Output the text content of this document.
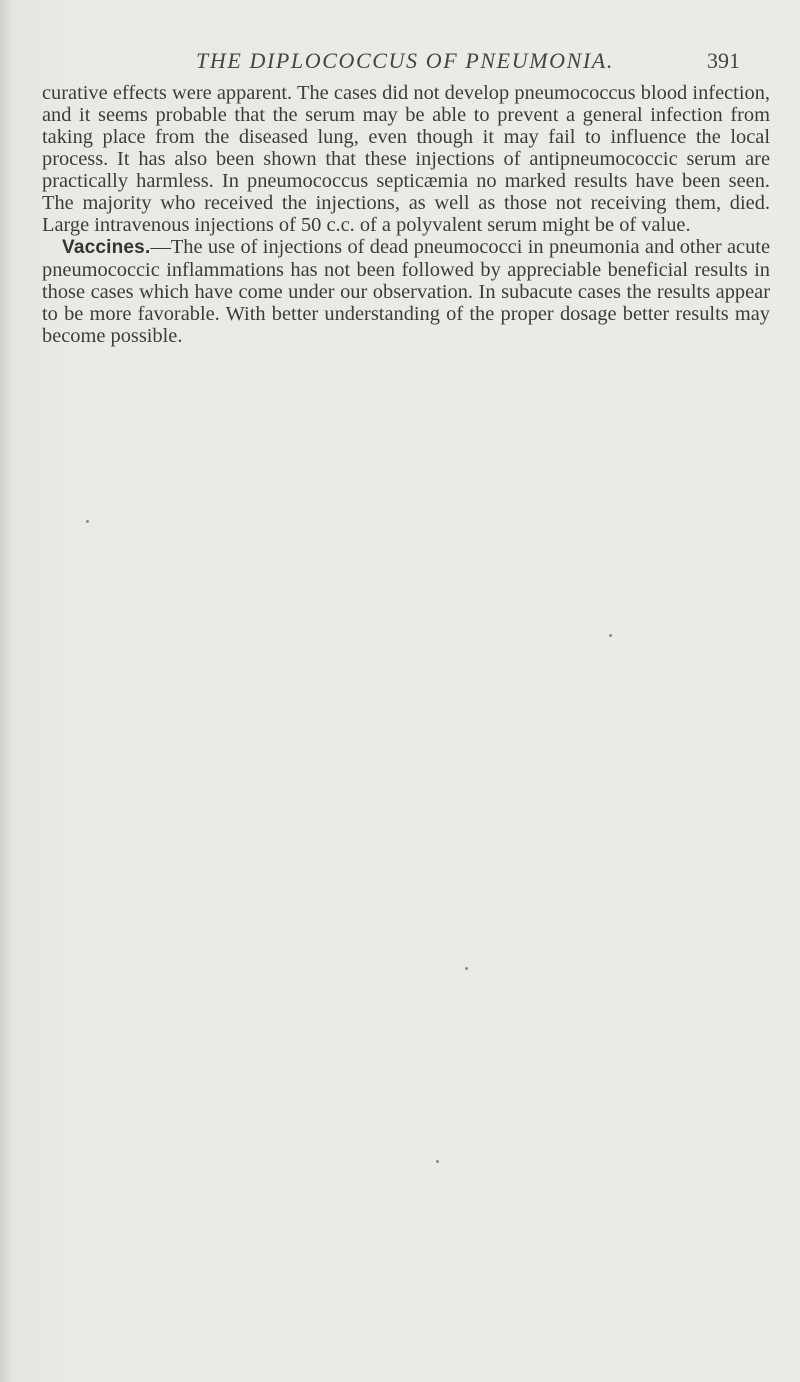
THE DIPLOCOCCUS OF PNEUMONIA.	391

curative effects were apparent. The cases did not develop pneumococcus blood infection, and it seems probable that the serum may be able to prevent a general infection from taking place from the diseased lung, even though it may fail to influence the local process. It has also been shown that these injections of antipneumococcic serum are practically harmless. In pneumococcus septicæmia no marked results have been seen. The majority who received the injections, as well as those not receiving them, died. Large intravenous injections of 50 c.c. of a polyvalent serum might be of value.

Vaccines.—The use of injections of dead pneumococci in pneumonia and other acute pneumococcic inflammations has not been followed by appreciable beneficial results in those cases which have come under our observation. In subacute cases the results appear to be more favorable. With better understanding of the proper dosage better results may become possible.
